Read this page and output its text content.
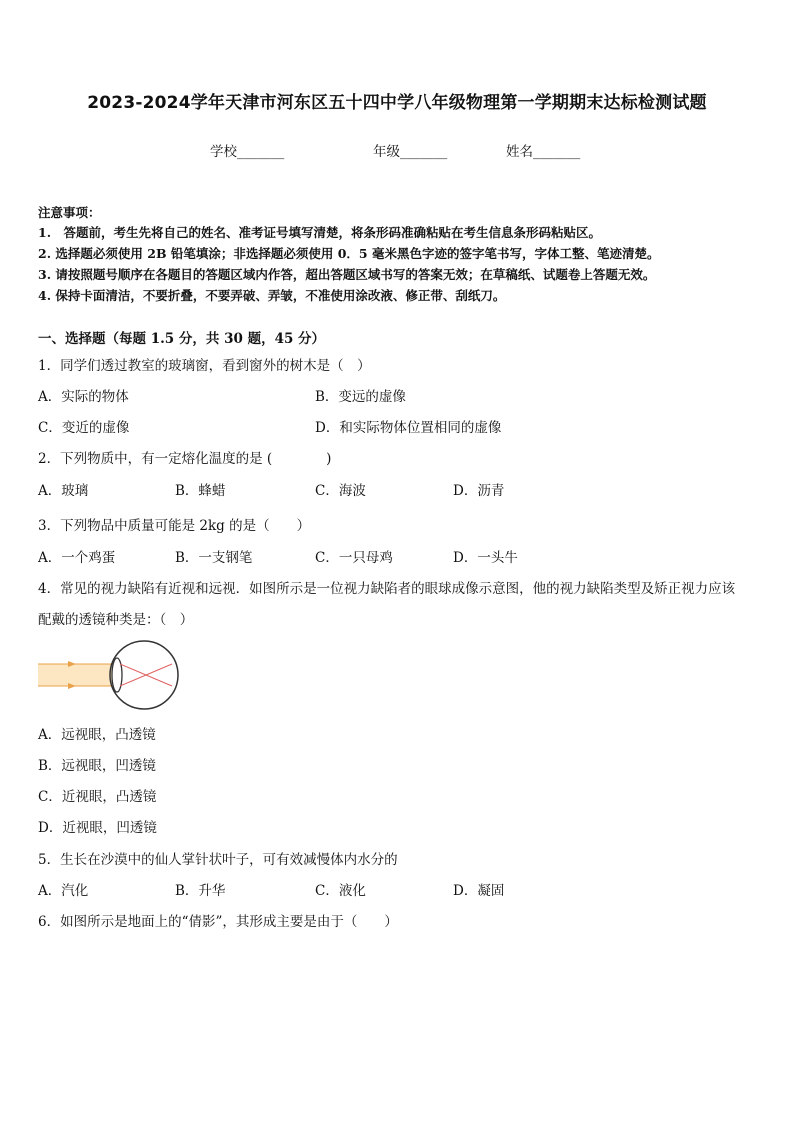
2023-2024学年天津市河东区五十四中学八年级物理第一学期期末达标检测试题
学校_______	年级_______	姓名_______
注意事项：
1.　答题前，考生先将自己的姓名、准考证号填写清楚，将条形码准确粘贴在考生信息条形码粘贴区。
2. 选择题必须使用 2B 铅笔填涂；非选择题必须使用 0．5 毫米黑色字迹的签字笔书写，字体工整、笔迹清楚。
3. 请按照题号顺序在各题目的答题区域内作答，超出答题区域书写的答案无效；在草稿纸、试题卷上答题无效。
4. 保持卡面清洁，不要折叠，不要弄破、弄皱，不准使用涂改液、修正带、刮纸刀。
一、选择题（每题 1.5 分，共 30 题，45 分）
1．同学们透过教室的玻璃窗，看到窗外的树木是（　）
A．实际的物体	B．变远的虚像
C．变近的虚像	D．和实际物体位置相同的虚像
2．下列物质中，有一定熔化温度的是 (　　　　)
A．玻璃	B．蜂蜡	C．海波	D．沥青
3．下列物品中质量可能是 2kg 的是（　　）
A．一个鸡蛋	B．一支钢笔	C．一只母鸡	D．一头牛
4．常见的视力缺陷有近视和远视．如图所示是一位视力缺陷者的眼球成像示意图，他的视力缺陷类型及矫正视力应该
配戴的透镜种类是：（　）
A．远视眼，凸透镜
B．远视眼，凹透镜
C．近视眼，凸透镜
D．近视眼，凹透镜
5．生长在沙漠中的仙人掌针状叶子，可有效减慢体内水分的
A．汽化	B．升华	C．液化	D．凝固
6．如图所示是地面上的“倩影”，其形成主要是由于（　　）
